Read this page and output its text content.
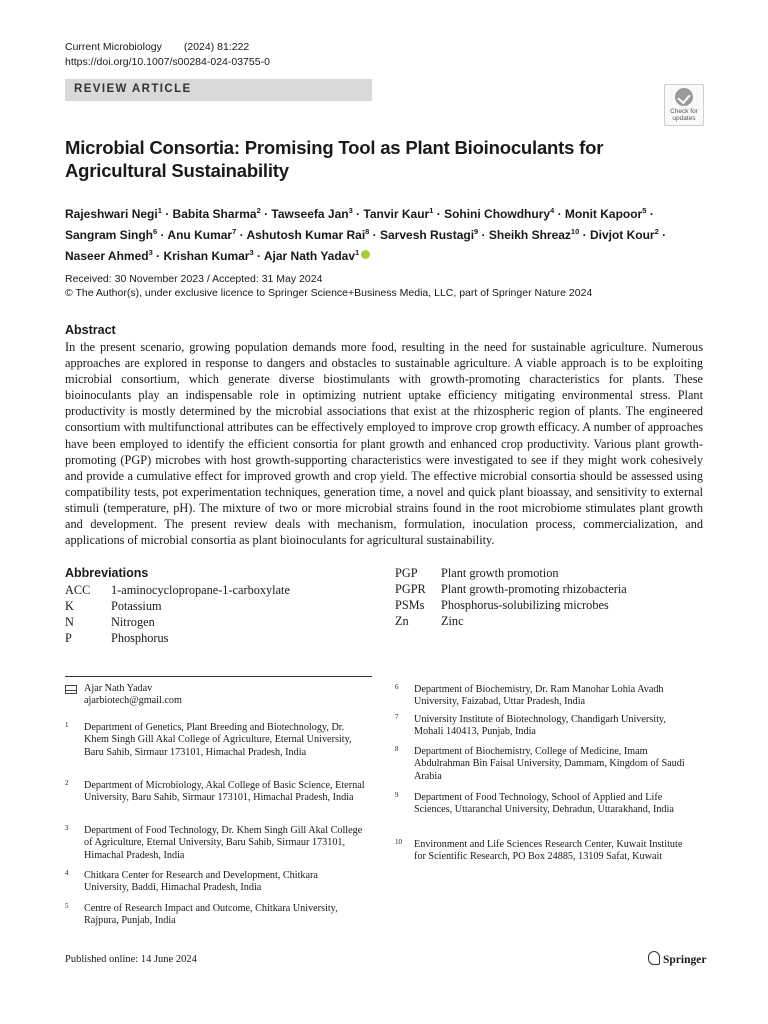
Current Microbiology (2024) 81:222
https://doi.org/10.1007/s00284-024-03755-0
REVIEW ARTICLE
Check for updates
Microbial Consortia: Promising Tool as Plant Bioinoculants for Agricultural Sustainability
Rajeshwari Negi$^1$ · Babita Sharma$^2$ · Tawseefa Jan$^3$ · Tanvir Kaur$^1$ · Sohini Chowdhury$^4$ · Monit Kapoor$^5$ ·
Sangram Singh$^6$ · Anu Kumar$^7$ · Ashutosh Kumar Rai$^8$ · Sarvesh Rustagi$^9$ · Sheikh Shreaz$^{10}$ · Divjot Kour$^2$ ·
Naseer Ahmed$^3$ · Krishan Kumar$^3$ · Ajar Nath Yadav$^1$
Received: 30 November 2023 / Accepted: 31 May 2024
© The Author(s), under exclusive licence to Springer Science+Business Media, LLC, part of Springer Nature 2024
Abstract
In the present scenario, growing population demands more food, resulting in the need for sustainable agriculture. Numerous approaches are explored in response to dangers and obstacles to sustainable agriculture. A viable approach is to be exploiting microbial consortium, which generate diverse biostimulants with growth-promoting characteristics for plants. These bioinoculants play an indispensable role in optimizing nutrient uptake efficiency mitigating environmental stress. Plant productivity is mostly determined by the microbial associations that exist at the rhizospheric region of plants. The engineered consortium with multifunctional attributes can be effectively employed to improve crop growth efficacy. A number of approaches have been employed to identify the efficient consortia for plant growth and enhanced crop productivity. Various plant growth-promoting (PGP) microbes with host growth-supporting characteristics were investigated to see if they might work cohesively and provide a cumulative effect for improved growth and crop yield. The effective microbial consortia should be assessed using compatibility tests, pot experimentation techniques, generation time, a novel and quick plant bioassay, and sensitivity to external stimuli (temperature, pH). The mixture of two or more microbial strains found in the root microbiome stimulates plant growth and development. The present review deals with mechanism, formulation, inoculation process, commercialization, and applications of microbial consortia as plant bioinoculants for agricultural sustainability.
Abbreviations
ACC 1-aminocyclopropane-1-carboxylate
K	Potassium
N	Nitrogen
P	Phosphorus
PGP Plant growth promotion
PGPR Plant growth-promoting rhizobacteria
PSMs Phosphorus-solubilizing microbes
Zn	Zinc
Ajar Nath Yadav
ajarbiotech@gmail.com
1 Department of Genetics, Plant Breeding and Biotechnology, Dr. Khem Singh Gill Akal College of Agriculture, Eternal University, Baru Sahib, Sirmaur 173101, Himachal Pradesh, India
2 Department of Microbiology, Akal College of Basic Science, Eternal University, Baru Sahib, Sirmaur 173101, Himachal Pradesh, India
3 Department of Food Technology, Dr. Khem Singh Gill Akal College of Agriculture, Eternal University, Baru Sahib, Sirmaur 173101, Himachal Pradesh, India
4 Chitkara Center for Research and Development, Chitkara University, Baddi, Himachal Pradesh, India
5 Centre of Research Impact and Outcome, Chitkara University, Rajpura, Punjab, India
6 Department of Biochemistry, Dr. Ram Manohar Lohia Avadh University, Faizabad, Uttar Pradesh, India
7 University Institute of Biotechnology, Chandigarh University, Mohali 140413, Punjab, India
8 Department of Biochemistry, College of Medicine, Imam Abdulrahman Bin Faisal University, Dammam, Kingdom of Saudi Arabia
9 Department of Food Technology, School of Applied and Life Sciences, Uttaranchal University, Dehradun, Uttarakhand, India
10 Environment and Life Sciences Research Center, Kuwait Institute for Scientific Research, PO Box 24885, 13109 Safat, Kuwait
Published online: 14 June 2024	Springer
